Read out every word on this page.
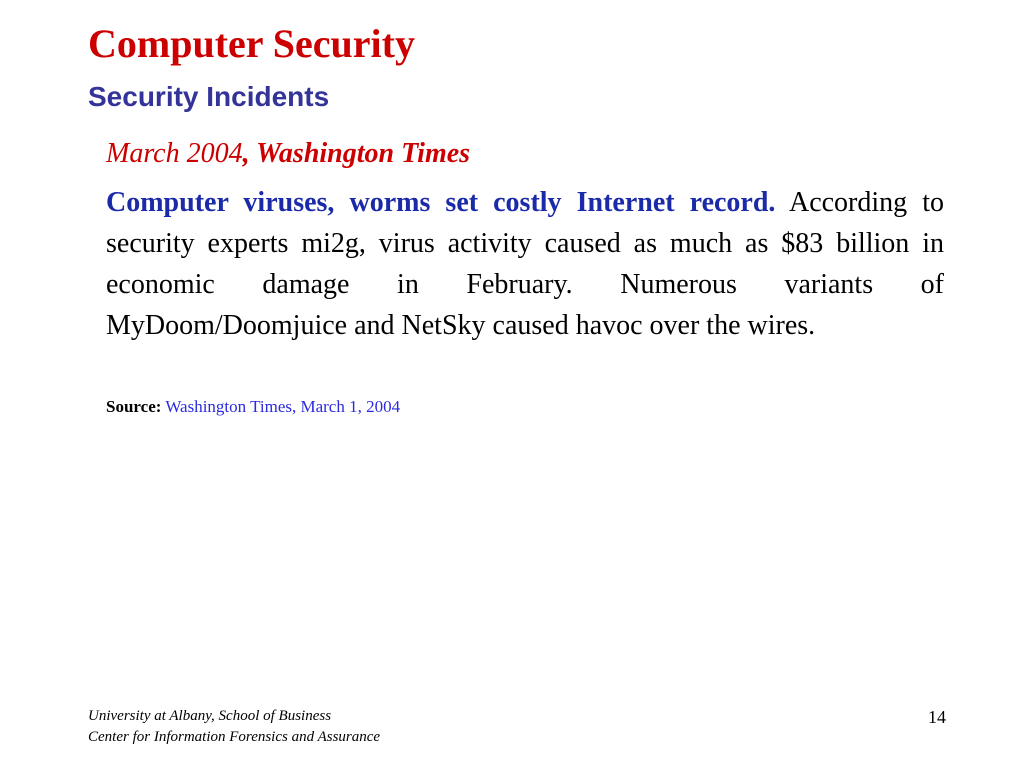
Computer Security
Security Incidents

March 2004, Washington Times

Computer viruses, worms set costly Internet record. According to security experts mi2g, virus activity caused as much as $83 billion in economic damage in February. Numerous variants of MyDoom/Doomjuice and NetSky caused havoc over the wires.

Source: Washington Times, March 1, 2004

University at Albany, School of Business
Center for Information Forensics and Assurance

14
